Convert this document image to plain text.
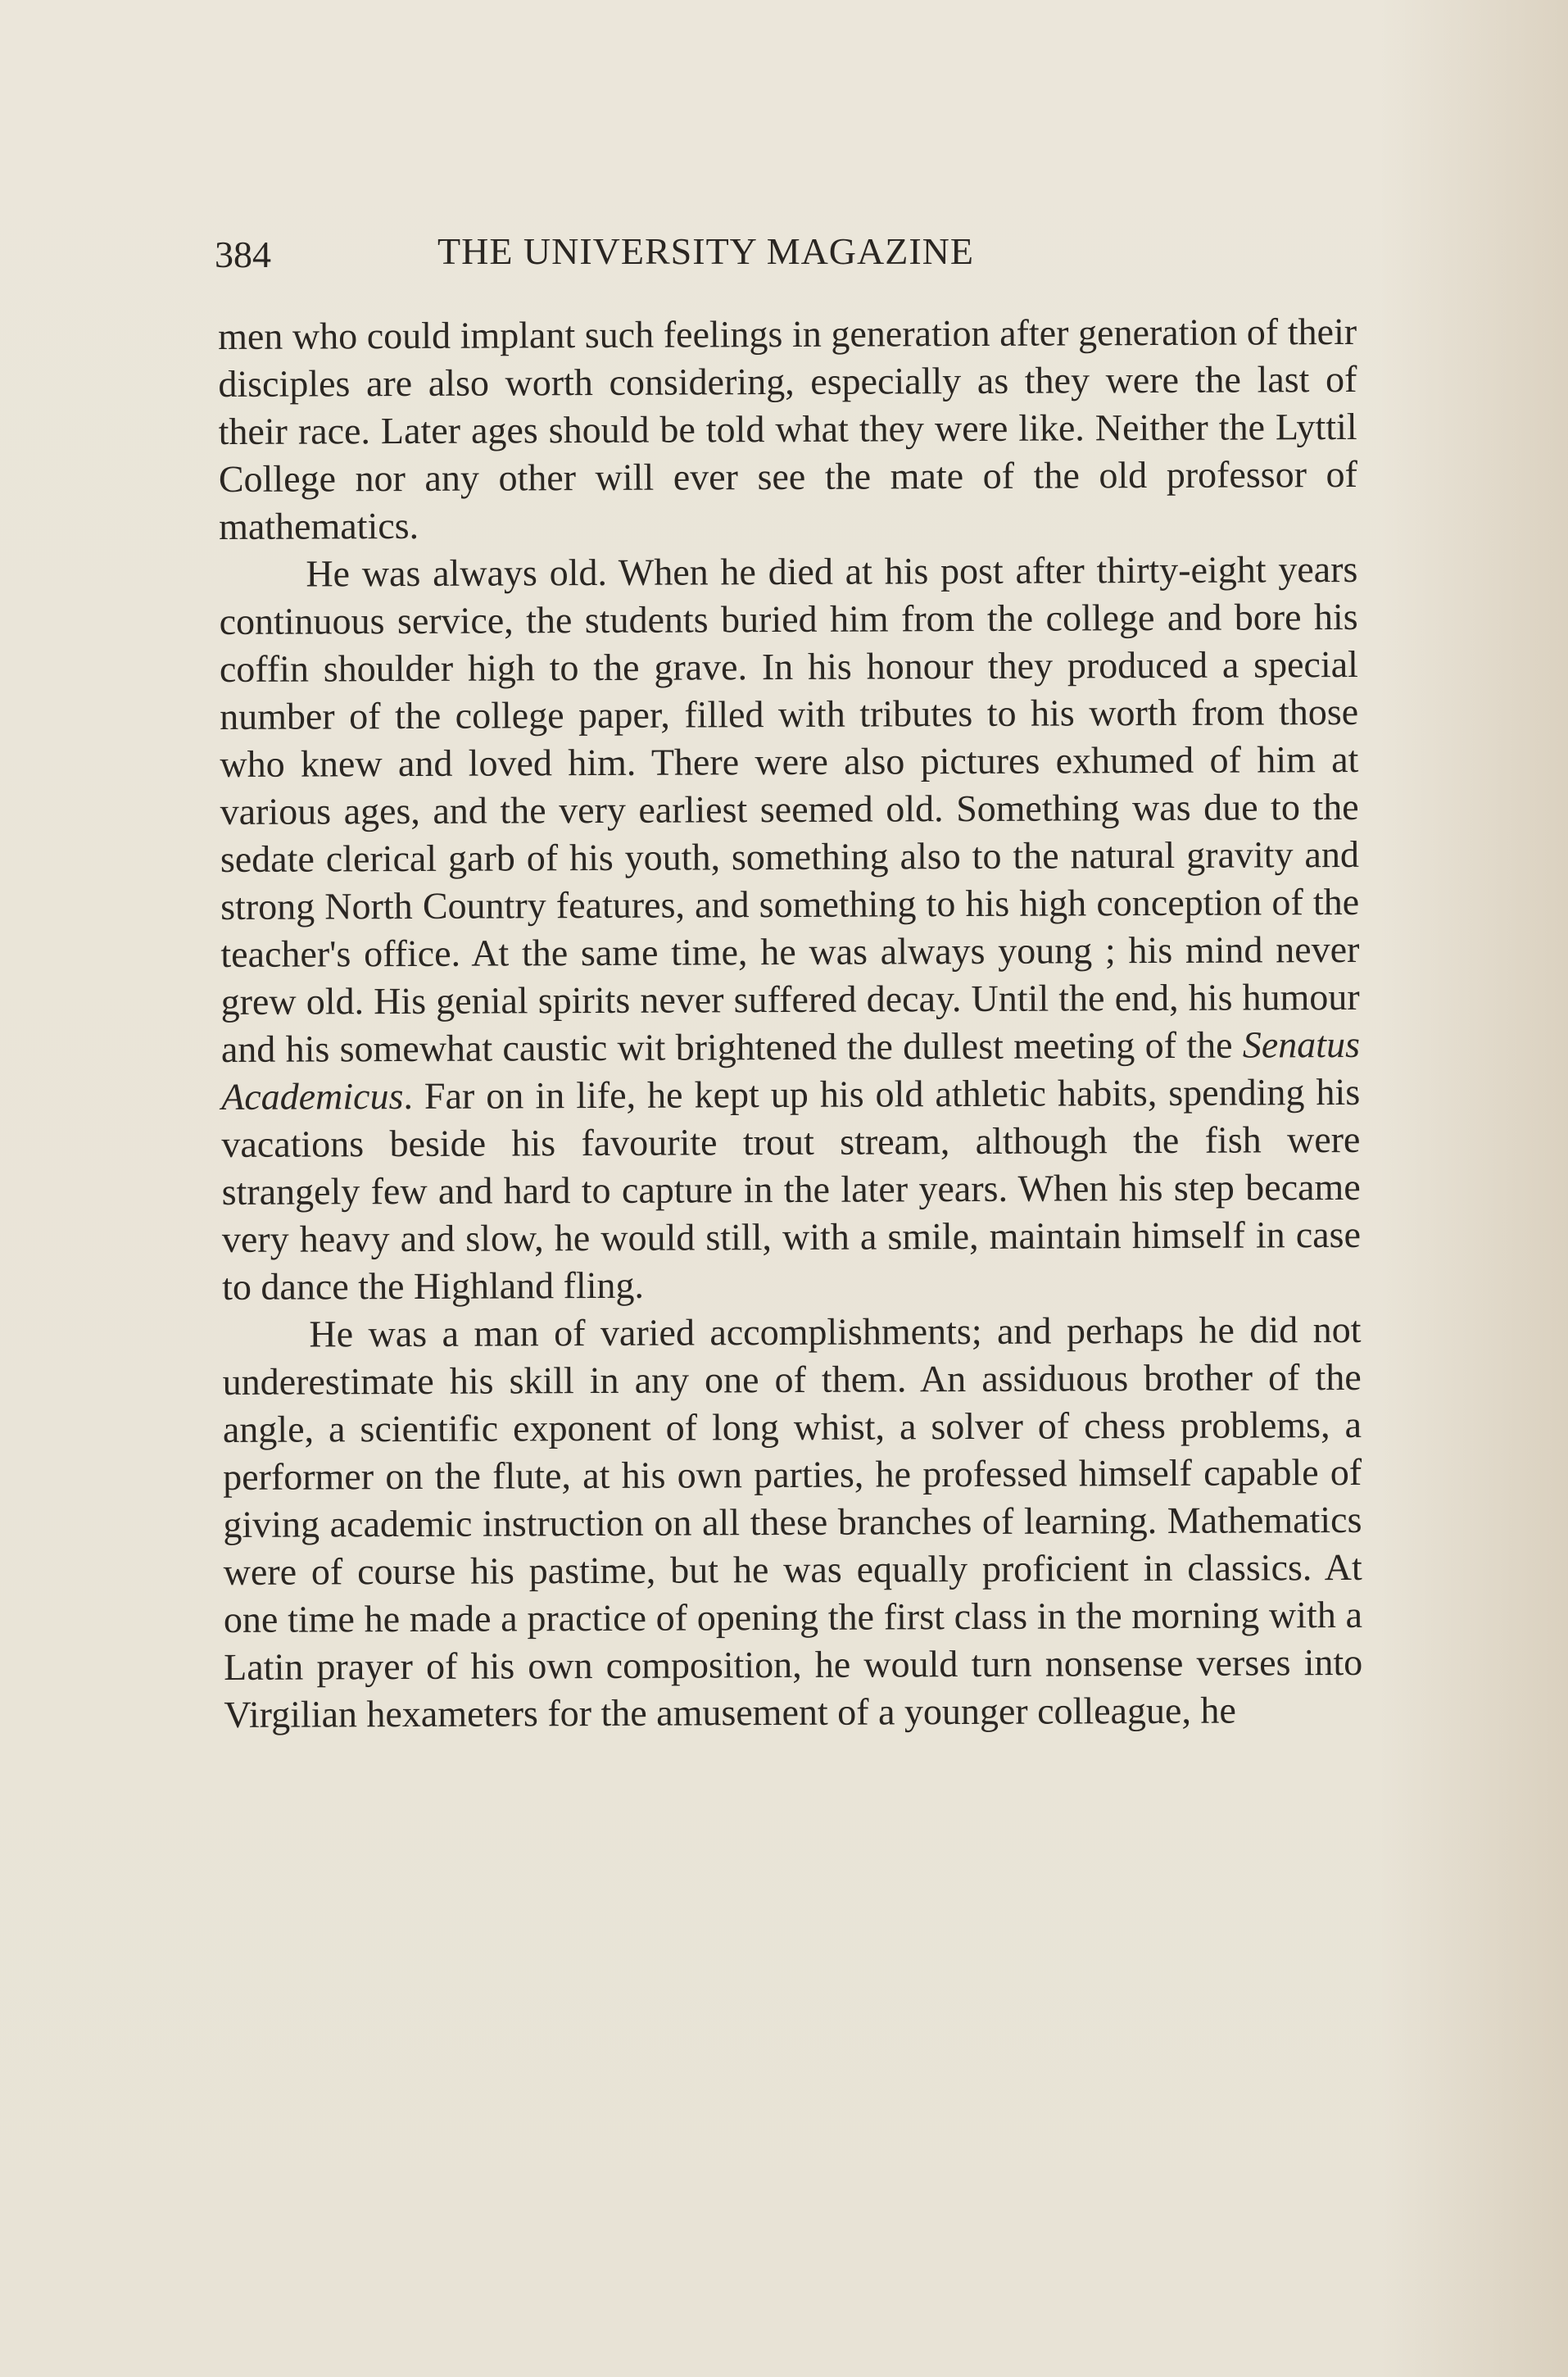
384	THE UNIVERSITY MAGAZINE

men who could implant such feelings in generation after generation of their disciples are also worth considering, especially as they were the last of their race. Later ages should be told what they were like. Neither the Lyttil College nor any other will ever see the mate of the old professor of mathematics.

He was always old. When he died at his post after thirty-eight years continuous service, the students buried him from the college and bore his coffin shoulder high to the grave. In his honour they produced a special number of the college paper, filled with tributes to his worth from those who knew and loved him. There were also pictures exhumed of him at various ages, and the very earliest seemed old. Something was due to the sedate clerical garb of his youth, something also to the natural gravity and strong North Country features, and something to his high conception of the teacher's office. At the same time, he was always young ; his mind never grew old. His genial spirits never suffered decay. Until the end, his humour and his somewhat caustic wit brightened the dullest meeting of the Senatus Academicus. Far on in life, he kept up his old athletic habits, spending his vacations beside his favourite trout stream, although the fish were strangely few and hard to capture in the later years. When his step became very heavy and slow, he would still, with a smile, maintain himself in case to dance the Highland fling.

He was a man of varied accomplishments; and perhaps he did not underestimate his skill in any one of them. An assiduous brother of the angle, a scientific exponent of long whist, a solver of chess problems, a performer on the flute, at his own parties, he professed himself capable of giving academic instruction on all these branches of learning. Mathematics were of course his pastime, but he was equally proficient in classics. At one time he made a practice of opening the first class in the morning with a Latin prayer of his own composition, he would turn nonsense verses into Virgilian hexameters for the amusement of a younger colleague, he
